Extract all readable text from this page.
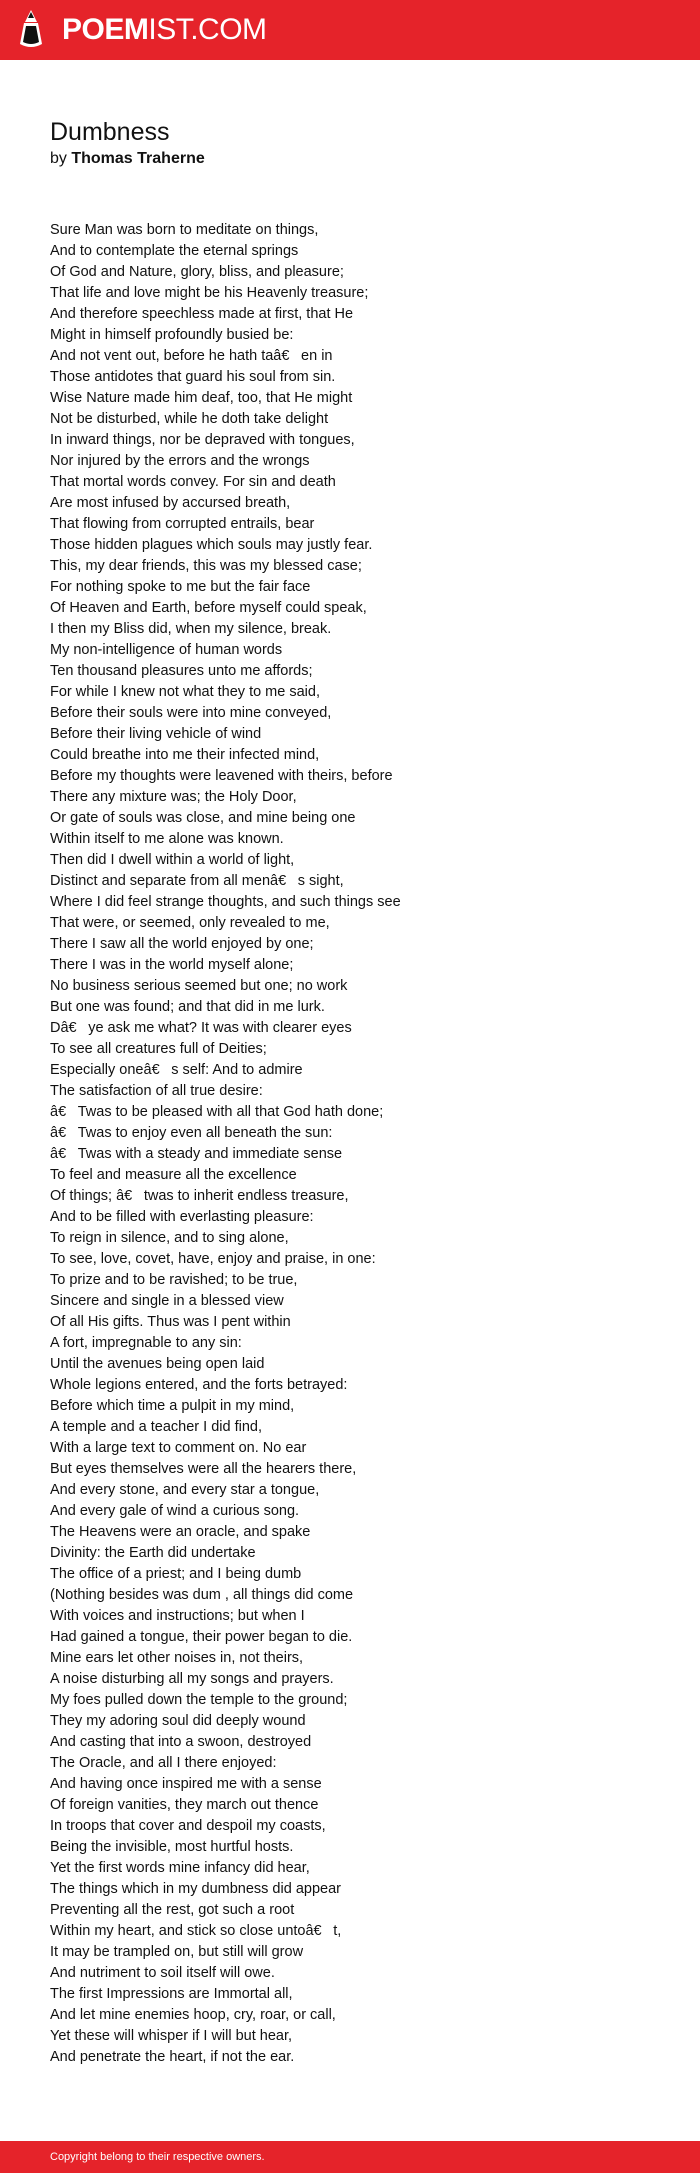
POEMIST.COM
Dumbness
by Thomas Traherne
Sure Man was born to meditate on things,
And to contemplate the eternal springs
Of God and Nature, glory, bliss, and pleasure;
That life and love might be his Heavenly treasure;
And therefore speechless made at first, that He
Might in himself profoundly busied be:
And not vent out, before he hath taâ€en in
Those antidotes that guard his soul from sin.
Wise Nature made him deaf, too, that He might
Not be disturbed, while he doth take delight
In inward things, nor be depraved with tongues,
Nor injured by the errors and the wrongs
That mortal words convey. For sin and death
Are most infused by accursed breath,
That flowing from corrupted entrails, bear
Those hidden plagues which souls may justly fear.
This, my dear friends, this was my blessed case;
For nothing spoke to me but the fair face
Of Heaven and Earth, before myself could speak,
I then my Bliss did, when my silence, break.
My non-intelligence of human words
Ten thousand pleasures unto me affords;
For while I knew not what they to me said,
Before their souls were into mine conveyed,
Before their living vehicle of wind
Could breathe into me their infected mind,
Before my thoughts were leavened with theirs, before
There any mixture was; the Holy Door,
Or gate of souls was close, and mine being one
Within itself to me alone was known.
Then did I dwell within a world of light,
Distinct and separate from all menâ€s sight,
Where I did feel strange thoughts, and such things see
That were, or seemed, only revealed to me,
There I saw all the world enjoyed by one;
There I was in the world myself alone;
No business serious seemed but one; no work
But one was found; and that did in me lurk.
Dâ€ye ask me what? It was with clearer eyes
To see all creatures full of Deities;
Especially oneâ€s self: And to admire
The satisfaction of all true desire:
â€Twas to be pleased with all that God hath done;
â€Twas to enjoy even all beneath the sun:
â€Twas with a steady and immediate sense
To feel and measure all the excellence
Of things; â€twas to inherit endless treasure,
And to be filled with everlasting pleasure:
To reign in silence, and to sing alone,
To see, love, covet, have, enjoy and praise, in one:
To prize and to be ravished; to be true,
Sincere and single in a blessed view
Of all His gifts. Thus was I pent within
A fort, impregnable to any sin:
Until the avenues being open laid
Whole legions entered, and the forts betrayed:
Before which time a pulpit in my mind,
A temple and a teacher I did find,
With a large text to comment on. No ear
But eyes themselves were all the hearers there,
And every stone, and every star a tongue,
And every gale of wind a curious song.
The Heavens were an oracle, and spake
Divinity: the Earth did undertake
The office of a priest; and I being dumb
(Nothing besides was dum , all things did come
With voices and instructions; but when I
Had gained a tongue, their power began to die.
Mine ears let other noises in, not theirs,
A noise disturbing all my songs and prayers.
My foes pulled down the temple to the ground;
They my adoring soul did deeply wound
And casting that into a swoon, destroyed
The Oracle, and all I there enjoyed:
And having once inspired me with a sense
Of foreign vanities, they march out thence
In troops that cover and despoil my coasts,
Being the invisible, most hurtful hosts.
Yet the first words mine infancy did hear,
The things which in my dumbness did appear
Preventing all the rest, got such a root
Within my heart, and stick so close untoâ€t,
It may be trampled on, but still will grow
And nutriment to soil itself will owe.
The first Impressions are Immortal all,
And let mine enemies hoop, cry, roar, or call,
Yet these will whisper if I will but hear,
And penetrate the heart, if not the ear.
Copyright belong to their respective owners.
